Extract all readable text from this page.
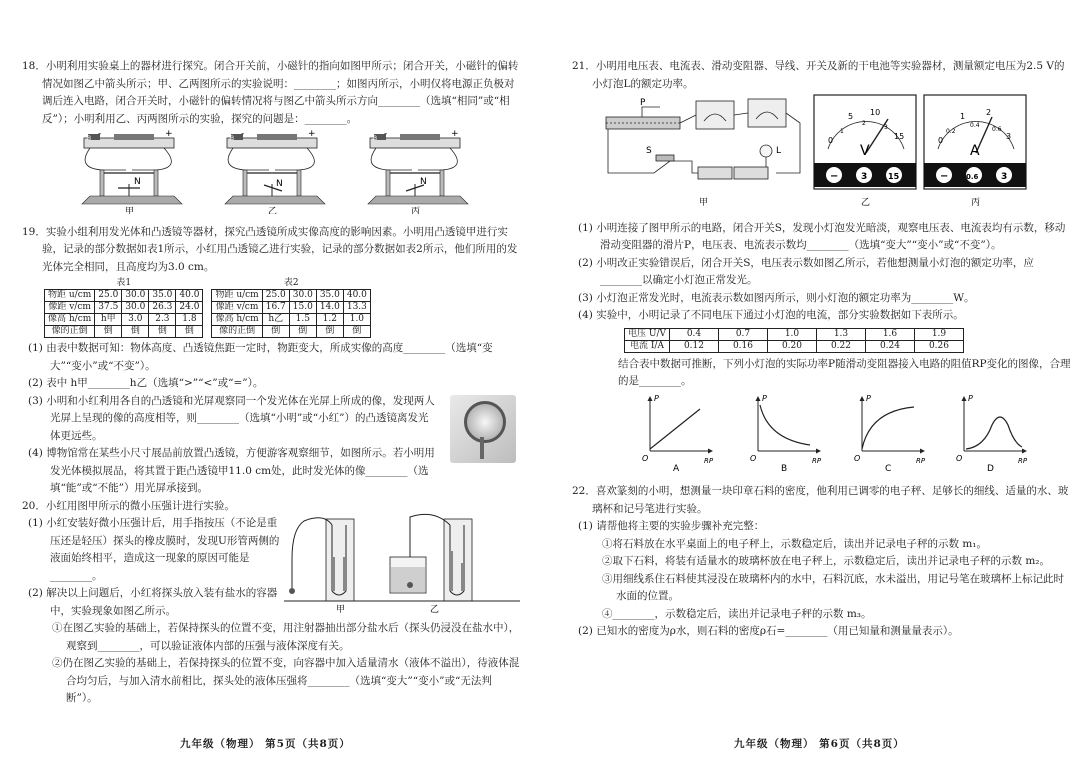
18．小明利用实验桌上的器材进行探究。闭合开关前，小磁针的指向如图甲所示；闭合开关，小磁针的偏转情况如图乙中箭头所示；甲、乙两图所示的实验说明：________；如图丙所示，小明仅将电源正负极对调后连入电路，闭合开关时，小磁针的偏转情况将与图乙中箭头所示方向________（选填“相同”或“相反”）；小明利用乙、丙两图所示的实验，探究的问题是：________。

N	N	N
+
-	+
-	+
-
B	B	B
甲	乙	丙

19．实验小组利用发光体和凸透镜等器材，探究凸透镜所成实像高度的影响因素。小明用凸透镜甲进行实验，记录的部分数据如表1所示，小红用凸透镜乙进行实验，记录的部分数据如表2所示，他们所用的发光体完全相同，且高度均为3.0 cm。

表1
物距 u/cm	25.0	30.0	35.0	40.0
像距 v/cm	37.5	30.0	26.3	24.0
像高 h/cm	h甲	3.0	2.3	1.8
像的正倒	倒	倒	倒	倒
表2
物距 u/cm	25.0	30.0	35.0	40.0
像距 v/cm	16.7	15.0	14.0	13.3
像高 h/cm	h乙	1.5	1.2	1.0
像的正倒	倒	倒	倒	倒

(1) 由表中数据可知：物体高度、凸透镜焦距一定时，物距变大，所成实像的高度________（选填“变大”“变小”或“不变”）。

(2) 表中 h甲________h乙（选填“>”“<”或“=”）。

(3) 小明和小红利用各自的凸透镜和光屏观察同一个发光体在光屏上所成的像，发现两人光屏上呈现的像的高度相等，则________（选填“小明”或“小红”）的凸透镜离发光体更远些。

(4) 博物馆常在某些小尺寸展品前放置凸透镜，方便游客观察细节，如图所示。若小明用发光体模拟展品，将其置于距凸透镜甲11.0 cm处，此时发光体的像________（选填“能”或“不能”）用光屏承接到。

20．小红用图甲所示的微小压强计进行实验。

甲	乙

(1) 小红安装好微小压强计后，用手指按压（不论是重压还是轻压）探头的橡皮膜时，发现U形管两侧的液面始终相平，造成这一现象的原因可能是________。

(2) 解决以上问题后，小红将探头放入装有盐水的容器中，实验现象如图乙所示。

①在图乙实验的基础上，若保持探头的位置不变，用注射器抽出部分盐水后（探头仍浸没在盐水中），观察到________，可以验证液体内部的压强与液体深度有关。

②仍在图乙实验的基础上，若保持探头的位置不变，向容器中加入适量清水（液体不溢出），待液体混合均匀后，与加入清水前相比，探头处的液体压强将________（选填“变大”“变小”或“无法判断”）。

21．小明用电压表、电流表、滑动变阻器、导线、开关及新的干电池等实验器材，测量额定电压为2.5 V的小灯泡L的额定功率。

P
L
S
甲
0
5 10
15
1
2
3
V
−	3	15
乙
0
1	2
3
0.2
0.4
0.6
A
−	0.6	3
丙

(1) 小明连接了图甲所示的电路，闭合开关S，发现小灯泡发光暗淡，观察电压表、电流表均有示数，移动滑动变阻器的滑片P，电压表、电流表示数均________（选填“变大”“变小”或“不变”）。

(2) 小明改正实验错误后，闭合开关S，电压表示数如图乙所示，若他想测量小灯泡的额定功率，应________以确定小灯泡正常发光。

(3) 小灯泡正常发光时，电流表示数如图丙所示，则小灯泡的额定功率为________W。

(4) 实验中，小明记录了不同电压下通过小灯泡的电流，部分实验数据如下表所示。

电压 U/V	0.4	0.7	1.0	1.3	1.6	1.9
电流 I/A	0.12	0.16	0.20	0.22	0.24	0.26

结合表中数据可推断，下列小灯泡的实际功率P随滑动变阻器接入电路的阻值RP变化的图像，合理的是________。

P
RP
O
A
P
RP
O
B
P
RP
O
C
P
RP
O
D

22．喜欢篆刻的小明，想测量一块印章石料的密度，他利用已调零的电子秤、足够长的细线、适量的水、玻璃杯和记号笔进行实验。

(1) 请帮他将主要的实验步骤补充完整：

①将石料放在水平桌面上的电子秤上，示数稳定后，读出并记录电子秤的示数 m₁。

②取下石料，将装有适量水的玻璃杯放在电子秤上，示数稳定后，读出并记录电子秤的示数 m₂。

③用细线系住石料使其浸没在玻璃杯内的水中，石料沉底，水未溢出，用记号笔在玻璃杯上标记此时水面的位置。

④________，示数稳定后，读出并记录电子秤的示数 m₃。

(2) 已知水的密度为ρ水，则石料的密度ρ石=________（用已知量和测量量表示）。

九年级（物理） 第5页（共8页）	九年级（物理） 第6页（共8页）
